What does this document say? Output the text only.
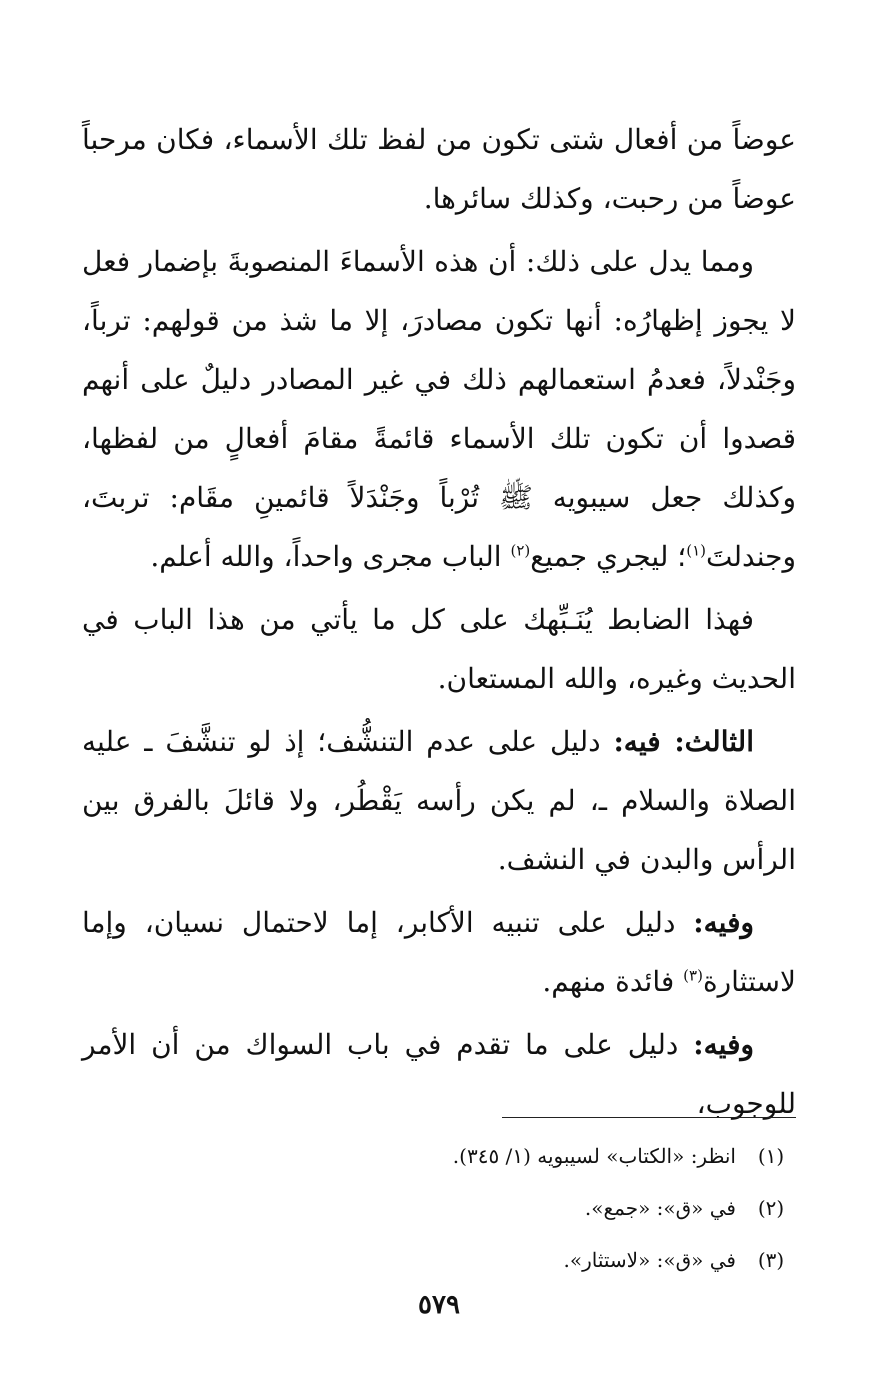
عوضاً من أفعال شتى تكون من لفظ تلك الأسماء، فكان مرحباً عوضاً من رحبت، وكذلك سائرها.

ومما يدل على ذلك: أن هذه الأسماءَ المنصوبةَ بإضمار فعل لا يجوز إظهارُه: أنها تكون مصادرَ، إلا ما شذ من قولهم: ترباً، وجَنْدلاً، فعدمُ استعمالهم ذلك في غير المصادر دليلٌ على أنهم قصدوا أن تكون تلك الأسماء قائمةً مقامَ أفعالٍ من لفظها، وكذلك جعل سيبويه ﷺ تُرْباً وجَنْدَلاً قائمينِ مقَام: تربتَ، وجندلتَ$^{(١)}$؛ ليجري جميع$^{(٢)}$ الباب مجرى واحداً، والله أعلم.

فهذا الضابط يُنَـبِّهك على كل ما يأتي من هذا الباب في الحديث وغيره، والله المستعان.

الثالث: فيه: دليل على عدم التنشُّف؛ إذ لو تنشَّفَ ـ عليه الصلاة والسلام ـ، لم يكن رأسه يَقْطُر، ولا قائلَ بالفرق بين الرأس والبدن في النشف.

وفيه: دليل على تنبيه الأكابر، إما لاحتمال نسيان، وإما لاستثارة$^{(٣)}$ فائدة منهم.

وفيه: دليل على ما تقدم في باب السواك من أن الأمر للوجوب،

(١)
انظر: «الكتاب» لسيبويه (١/ ٣٤٥).
(٢)
في «ق»: «جمع».
(٣)
في «ق»: «لاستثار».
٥٧٩
